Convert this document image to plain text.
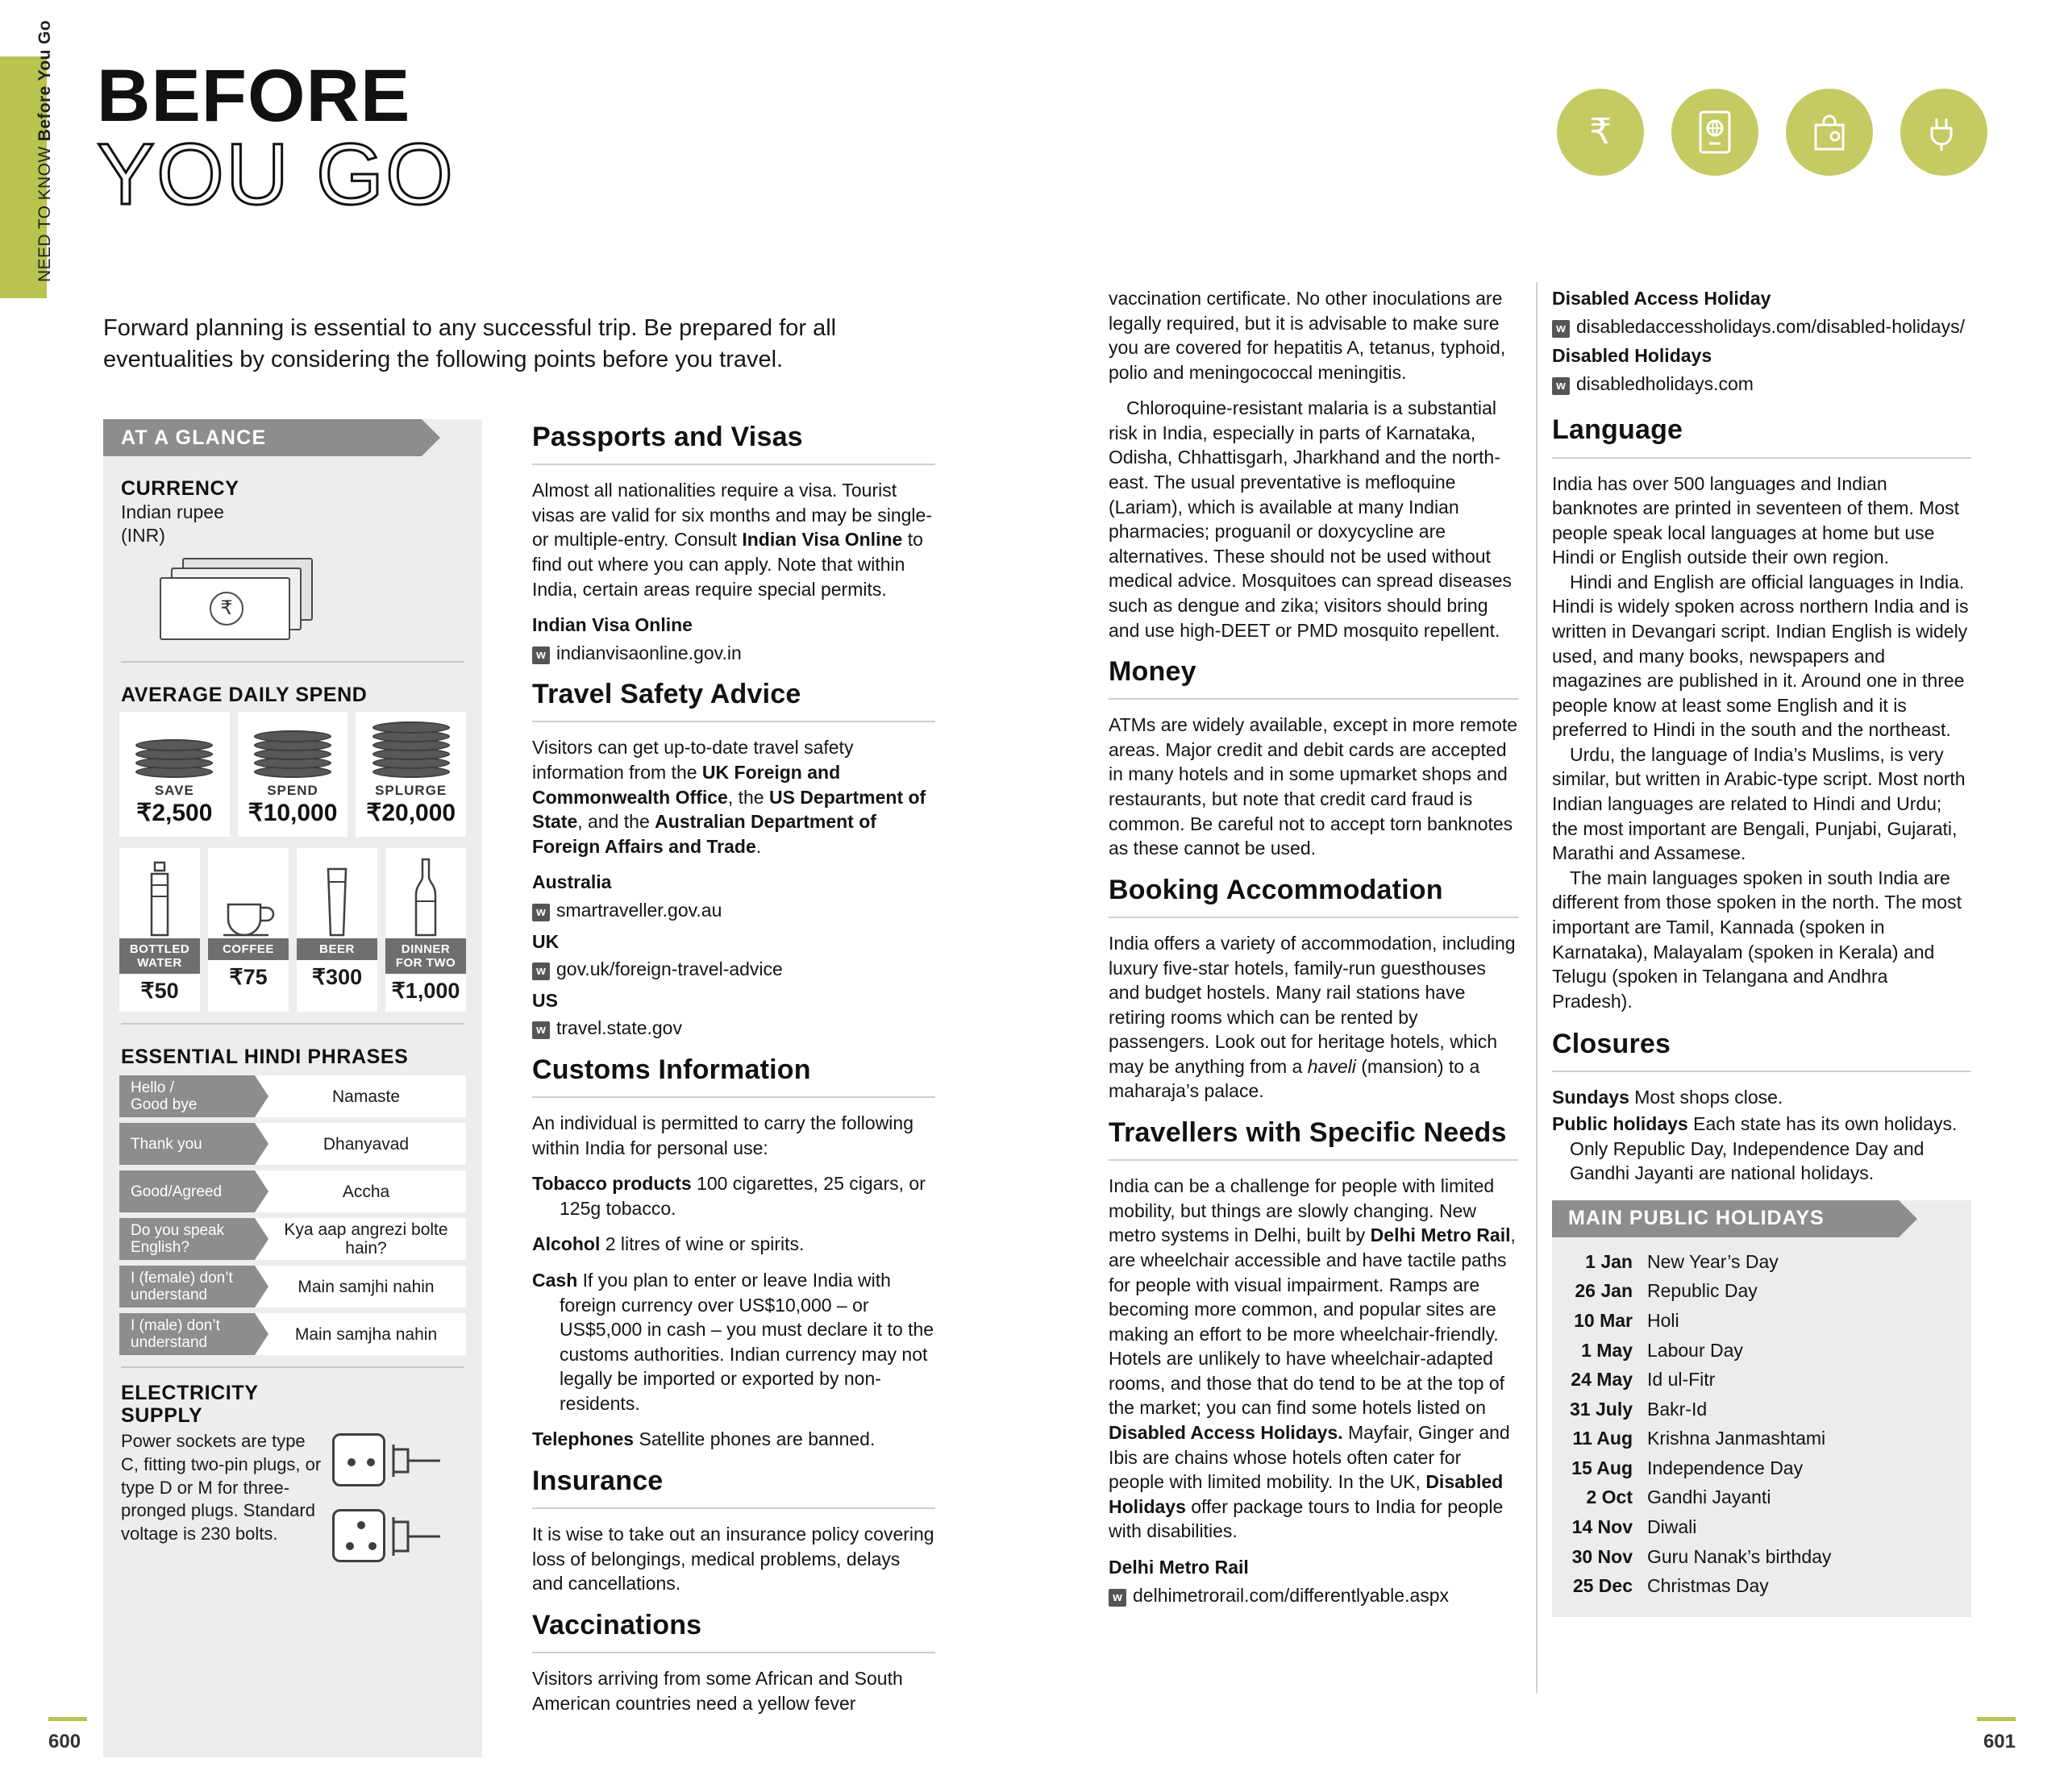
NEED TO KNOW Before You Go BEFORE
YOU GO
Forward planning is essential to any successful trip. Be prepared for all eventualities by considering the following points before you travel.
₹
AT A GLANCE
CURRENCY
Indian rupee
(INR)
₹
AVERAGE DAILY SPEND
SAVE
₹2,500
SPEND
₹10,000
SPLURGE
₹20,000
BOTTLED
WATER
₹50
COFFEE
₹75
BEER
₹300
DINNER
FOR TWO
₹1,000
ESSENTIAL HINDI PHRASES
Hello /
Good bye	Namaste
Thank you	Dhanyavad
Good/Agreed	Accha
Do you speak
English?
Kya aap angrezi bolte hain?
I (female) don’t
understand	Main samjhi nahin
I (male) don’t
understand	Main samjha nahin
ELECTRICITY
SUPPLY
Power sockets are type C, fitting two-pin plugs, or type D or M for three-pronged plugs. Standard voltage is 230 bolts.
Passports and Visas

Almost all nationalities require a visa. Tourist visas are valid for six months and may be single- or multiple-entry. Consult Indian Visa Online to find out where you can apply. Note that within India, certain areas require special permits.

Indian Visa Online

w indianvisaonline.gov.in

Travel Safety Advice

Visitors can get up-to-date travel safety information from the UK Foreign and Commonwealth Office, the US Department of State, and the Australian Department of Foreign Affairs and Trade.

Australia

w smartraveller.gov.au

UK

w gov.uk/foreign-travel-advice

US

w travel.state.gov

Customs Information

An individual is permitted to carry the following within India for personal use:

Tobacco products 100 cigarettes, 25 cigars, or 125g tobacco.

Alcohol 2 litres of wine or spirits.

Cash If you plan to enter or leave India with foreign currency over US$10,000 – or US$5,000 in cash – you must declare it to the customs authorities. Indian currency may not legally be imported or exported by non-residents.

Telephones Satellite phones are banned.

Insurance

It is wise to take out an insurance policy covering loss of belongings, medical problems, delays and cancellations.

Vaccinations

Visitors arriving from some African and South American countries need a yellow fever

vaccination certificate. No other inoculations are legally required, but it is advisable to make sure you are covered for hepatitis A, tetanus, typhoid, polio and meningococcal meningitis.

Chloroquine-resistant malaria is a substantial risk in India, especially in parts of Karnataka, Odisha, Chhattisgarh, Jharkhand and the north-east. The usual preventative is mefloquine (Lariam), which is available at many Indian pharmacies; proguanil or doxycycline are alternatives. These should not be used without medical advice. Mosquitoes can spread diseases such as dengue and zika; visitors should bring and use high-DEET or PMD mosquito repellent.

Money

ATMs are widely available, except in more remote areas. Major credit and debit cards are accepted in many hotels and in some upmarket shops and restaurants, but note that credit card fraud is common. Be careful not to accept torn banknotes as these cannot be used.

Booking Accommodation

India offers a variety of accommodation, including luxury five-star hotels, family-run guesthouses and budget hostels. Many rail stations have retiring rooms which can be rented by passengers. Look out for heritage hotels, which may be anything from a haveli (mansion) to a maharaja’s palace.

Travellers with Specific Needs

India can be a challenge for people with limited mobility, but things are slowly changing. New metro systems in Delhi, built by Delhi Metro Rail, are wheelchair accessible and have tactile paths for people with visual impairment. Ramps are becoming more common, and popular sites are making an effort to be more wheelchair-friendly. Hotels are unlikely to have wheelchair-adapted rooms, and those that do tend to be at the top of the market; you can find some hotels listed on Disabled Access Holidays. Mayfair, Ginger and Ibis are chains whose hotels often cater for people with limited mobility. In the UK, Disabled Holidays offer package tours to India for people with disabilities.

Delhi Metro Rail

w delhimetrorail.com/differentlyable.aspx

Disabled Access Holiday

w disabledaccessholidays.com/disabled-holidays/

Disabled Holidays

w disabledholidays.com

Language

India has over 500 languages and Indian banknotes are printed in seventeen of them. Most people speak local languages at home but use Hindi or English outside their own region.

Hindi and English are official languages in India. Hindi is widely spoken across northern India and is written in Devangari script. Indian English is widely used, and many books, newspapers and magazines are published in it. Around one in three people know at least some English and it is preferred to Hindi in the south and the northeast.

Urdu, the language of India’s Muslims, is very similar, but written in Arabic-type script. Most north Indian languages are related to Hindi and Urdu; the most important are Bengali, Punjabi, Gujarati, Marathi and Assamese.

The main languages spoken in south India are different from those spoken in the north. The most important are Tamil, Kannada (spoken in Karnataka), Malayalam (spoken in Kerala) and Telugu (spoken in Telangana and Andhra Pradesh).

Closures

Sundays Most shops close.

Public holidays Each state has its own holidays. Only Republic Day, Independence Day and Gandhi Jayanti are national holidays.

MAIN PUBLIC HOLIDAYS
1 Jan New Year’s Day
26 Jan Republic Day
10 Mar Holi
1 May Labour Day
24 May Id ul-Fitr
31 July Bakr-Id
11 Aug Krishna Janmashtami
15 Aug Independence Day
2 Oct Gandhi Jayanti
14 Nov Diwali
30 Nov Guru Nanak’s birthday
25 Dec Christmas Day
600	601
